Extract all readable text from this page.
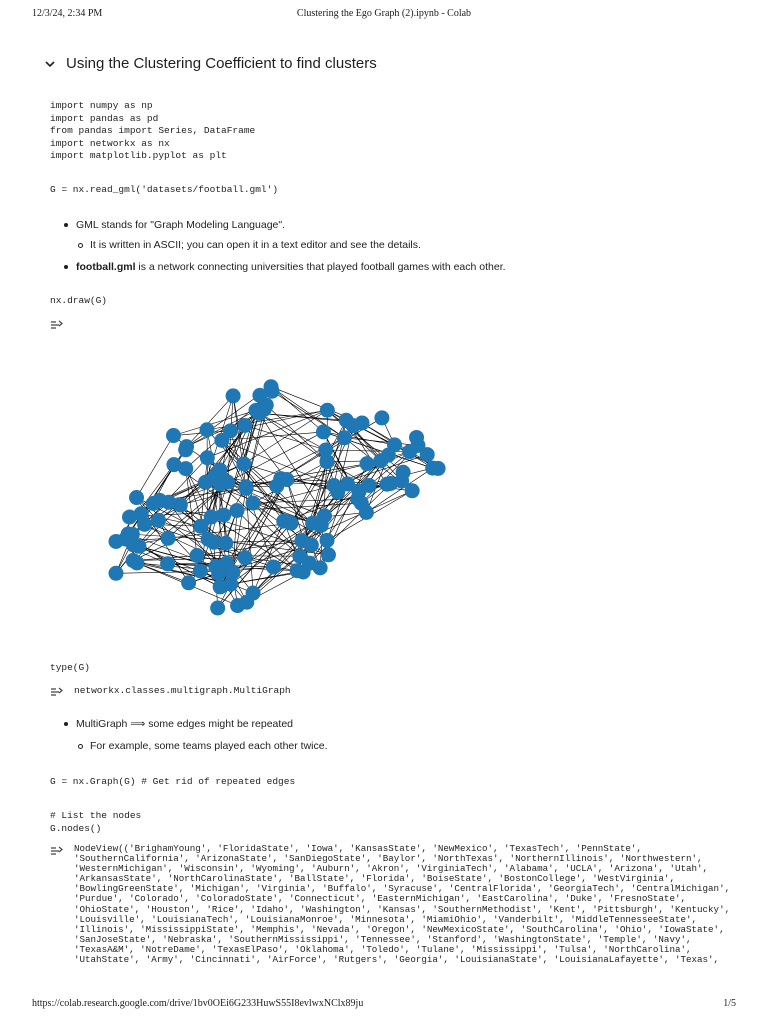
12/3/24, 2:34 PM	Clustering the Ego Graph (2).ipynb - Colab
Using the Clustering Coefficient to find clusters
import numpy as np
import pandas as pd
from pandas import Series, DataFrame
import networkx as nx
import matplotlib.pyplot as plt
G = nx.read_gml('datasets/football.gml')
GML stands for "Graph Modeling Language".
It is written in ASCII; you can open it in a text editor and see the details.
football.gml is a network connecting universities that played football games with each other.
nx.draw(G)
type(G)
networkx.classes.multigraph.MultiGraph
MultiGraph ⟹ some edges might be repeated
For example, some teams played each other twice.
G = nx.Graph(G) # Get rid of repeated edges
# List the nodes
G.nodes()
NodeView(('BrighamYoung', 'FloridaState', 'Iowa', 'KansasState', 'NewMexico', 'TexasTech', 'PennState',
'SouthernCalifornia', 'ArizonaState', 'SanDiegoState', 'Baylor', 'NorthTexas', 'NorthernIllinois', 'Northwestern',
'WesternMichigan', 'Wisconsin', 'Wyoming', 'Auburn', 'Akron', 'VirginiaTech', 'Alabama', 'UCLA', 'Arizona', 'Utah',
'ArkansasState', 'NorthCarolinaState', 'BallState', 'Florida', 'BoiseState', 'BostonCollege', 'WestVirginia',
'BowlingGreenState', 'Michigan', 'Virginia', 'Buffalo', 'Syracuse', 'CentralFlorida', 'GeorgiaTech', 'CentralMichigan',
'Purdue', 'Colorado', 'ColoradoState', 'Connecticut', 'EasternMichigan', 'EastCarolina', 'Duke', 'FresnoState',
'OhioState', 'Houston', 'Rice', 'Idaho', 'Washington', 'Kansas', 'SouthernMethodist', 'Kent', 'Pittsburgh', 'Kentucky',
'Louisville', 'LouisianaTech', 'LouisianaMonroe', 'Minnesota', 'MiamiOhio', 'Vanderbilt', 'MiddleTennesseeState',
'Illinois', 'MississippiState', 'Memphis', 'Nevada', 'Oregon', 'NewMexicoState', 'SouthCarolina', 'Ohio', 'IowaState',
'SanJoseState', 'Nebraska', 'SouthernMississippi', 'Tennessee', 'Stanford', 'WashingtonState', 'Temple', 'Navy',
'TexasA&M', 'NotreDame', 'TexasElPaso', 'Oklahoma', 'Toledo', 'Tulane', 'Mississippi', 'Tulsa', 'NorthCarolina',
'UtahState', 'Army', 'Cincinnati', 'AirForce', 'Rutgers', 'Georgia', 'LouisianaState', 'LouisianaLafayette', 'Texas',
https://colab.research.google.com/drive/1bv0OEi6G233HuwS55I8evlwxNClx89ju	1/5
